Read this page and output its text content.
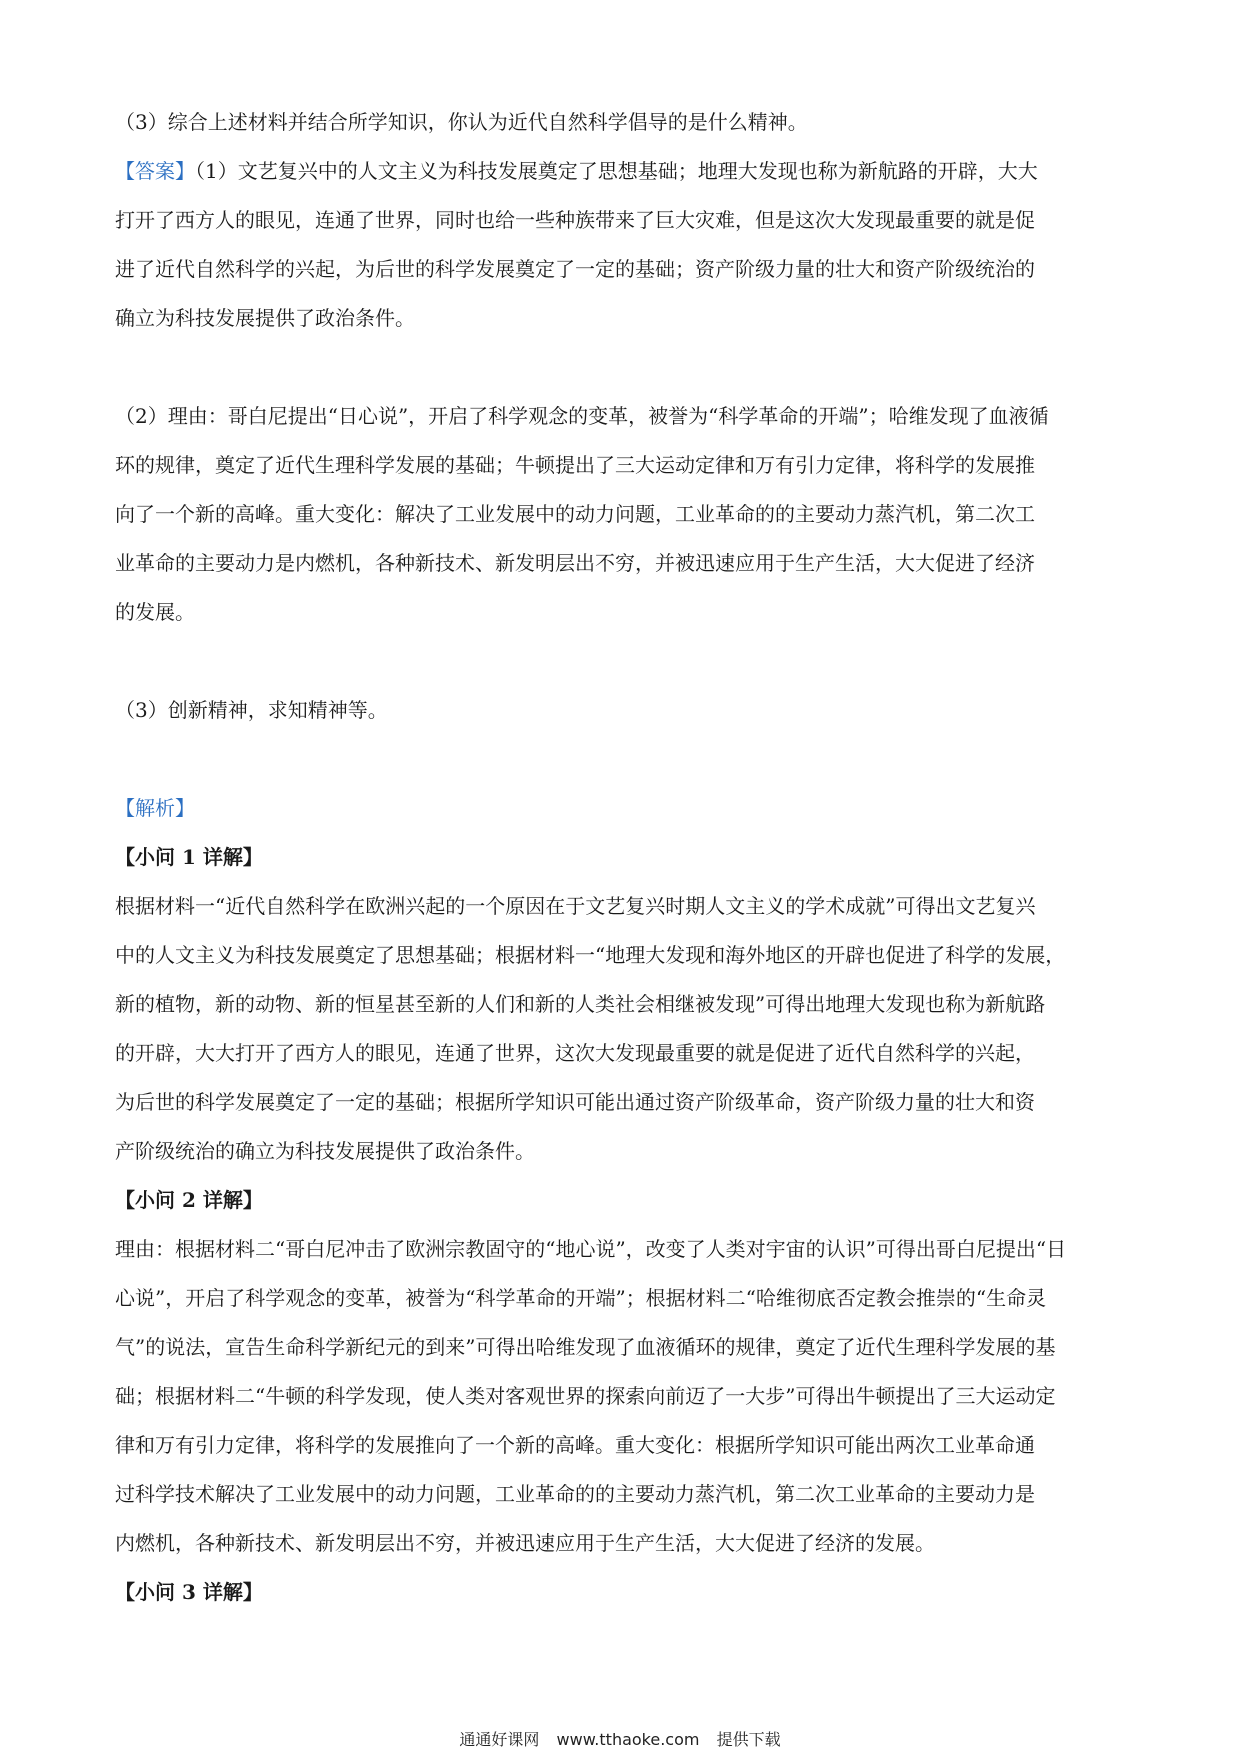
（3）综合上述材料并结合所学知识，你认为近代自然科学倡导的是什么精神。
【答案】（1）文艺复兴中的人文主义为科技发展奠定了思想基础；地理大发现也称为新航路的开辟，大大
打开了西方人的眼见，连通了世界，同时也给一些种族带来了巨大灾难，但是这次大发现最重要的就是促
进了近代自然科学的兴起，为后世的科学发展奠定了一定的基础；资产阶级力量的壮大和资产阶级统治的
确立为科技发展提供了政治条件。
（2）理由：哥白尼提出“日心说”，开启了科学观念的变革，被誉为“科学革命的开端”；哈维发现了血液循
环的规律，奠定了近代生理科学发展的基础；牛顿提出了三大运动定律和万有引力定律，将科学的发展推
向了一个新的高峰。重大变化：解决了工业发展中的动力问题，工业革命的的主要动力蒸汽机，第二次工
业革命的主要动力是内燃机，各种新技术、新发明层出不穷，并被迅速应用于生产生活，大大促进了经济
的发展。
（3）创新精神，求知精神等。
【解析】
【小问 1 详解】
根据材料一“近代自然科学在欧洲兴起的一个原因在于文艺复兴时期人文主义的学术成就”可得出文艺复兴
中的人文主义为科技发展奠定了思想基础；根据材料一“地理大发现和海外地区的开辟也促进了科学的发展，
新的植物，新的动物、新的恒星甚至新的人们和新的人类社会相继被发现”可得出地理大发现也称为新航路
的开辟，大大打开了西方人的眼见，连通了世界，这次大发现最重要的就是促进了近代自然科学的兴起，
为后世的科学发展奠定了一定的基础；根据所学知识可能出通过资产阶级革命，资产阶级力量的壮大和资
产阶级统治的确立为科技发展提供了政治条件。
【小问 2 详解】
理由：根据材料二“哥白尼冲击了欧洲宗教固守的“地心说”，改变了人类对宇宙的认识”可得出哥白尼提出“日
心说”，开启了科学观念的变革，被誉为“科学革命的开端”；根据材料二“哈维彻底否定教会推崇的“生命灵
气”的说法，宣告生命科学新纪元的到来”可得出哈维发现了血液循环的规律，奠定了近代生理科学发展的基
础；根据材料二“牛顿的科学发现，使人类对客观世界的探索向前迈了一大步”可得出牛顿提出了三大运动定
律和万有引力定律，将科学的发展推向了一个新的高峰。重大变化：根据所学知识可能出两次工业革命通
过科学技术解决了工业发展中的动力问题，工业革命的的主要动力蒸汽机，第二次工业革命的主要动力是
内燃机，各种新技术、新发明层出不穷，并被迅速应用于生产生活，大大促进了经济的发展。
【小问 3 详解】
通通好课网 www.tthaoke.com 提供下载
